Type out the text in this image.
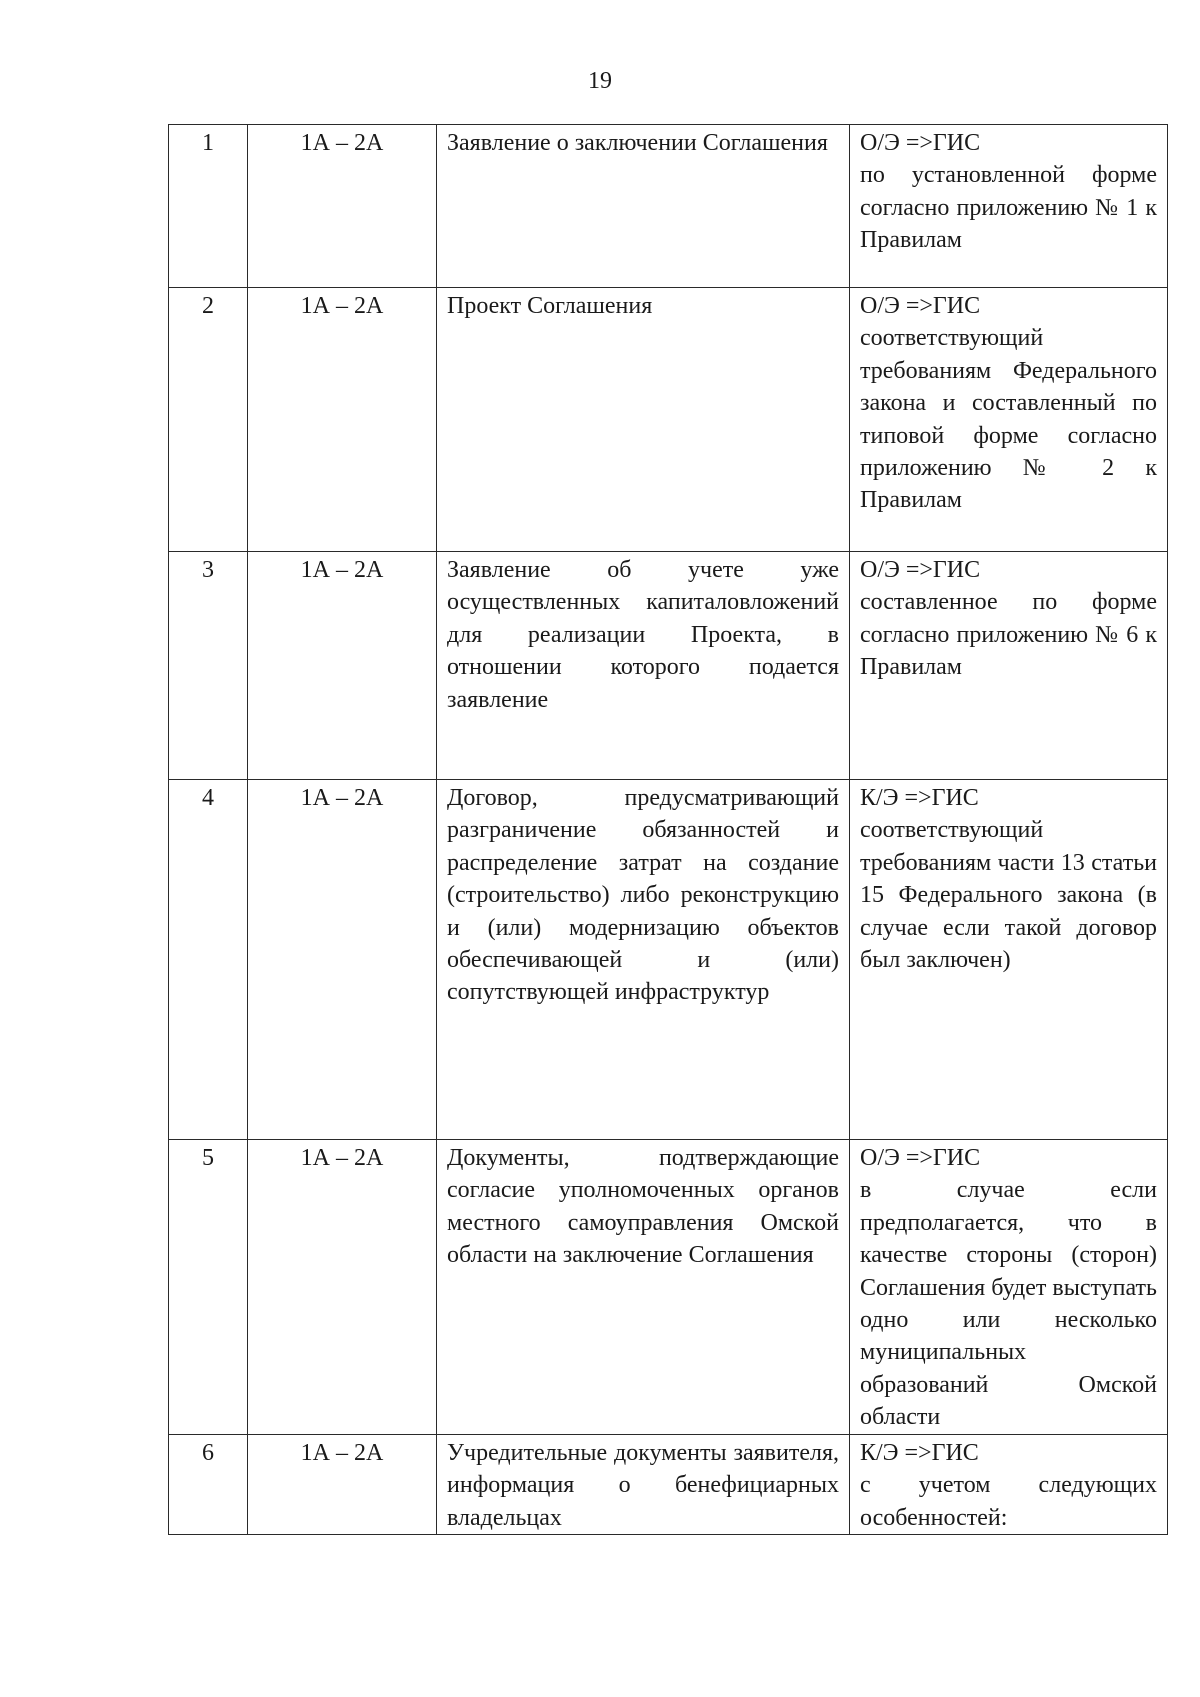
19
1	1А – 2А	Заявление о заключении Соглашения	О/Э =>ГИС
по установленной форме согласно приложению № 1 к Правилам

2	1А – 2А	Проект Соглашения	О/Э =>ГИС
соответствующий требованиям Федерального закона и составленный по типовой форме согласно приложению № 2 к Правилам

3	1А – 2А	Заявление об учете уже осуществленных капиталовложений для реализации Проекта, в отношении которого подается заявление	О/Э =>ГИС
составленное по форме согласно приложению № 6 к Правилам

4	1А – 2А	Договор, предусматривающий разграничение обязанностей и распределение затрат на создание (строительство) либо реконструкцию и (или) модернизацию объектов обеспечивающей и (или) сопутствующей инфраструктур	К/Э =>ГИС
соответствующий требованиям части 13 статьи 15 Федерального закона (в случае если такой договор был заключен)

5	1А – 2А	Документы, подтверждающие согласие уполномоченных органов местного самоуправления Омской области на заключение Соглашения	О/Э =>ГИС
в случае если предполагается, что в качестве стороны (сторон) Соглашения будет выступать одно или несколько муниципальных образований Омской области

6	1А – 2А	Учредительные документы заявителя, информация о бенефициарных владельцах	К/Э =>ГИС
с учетом следующих особенностей:
